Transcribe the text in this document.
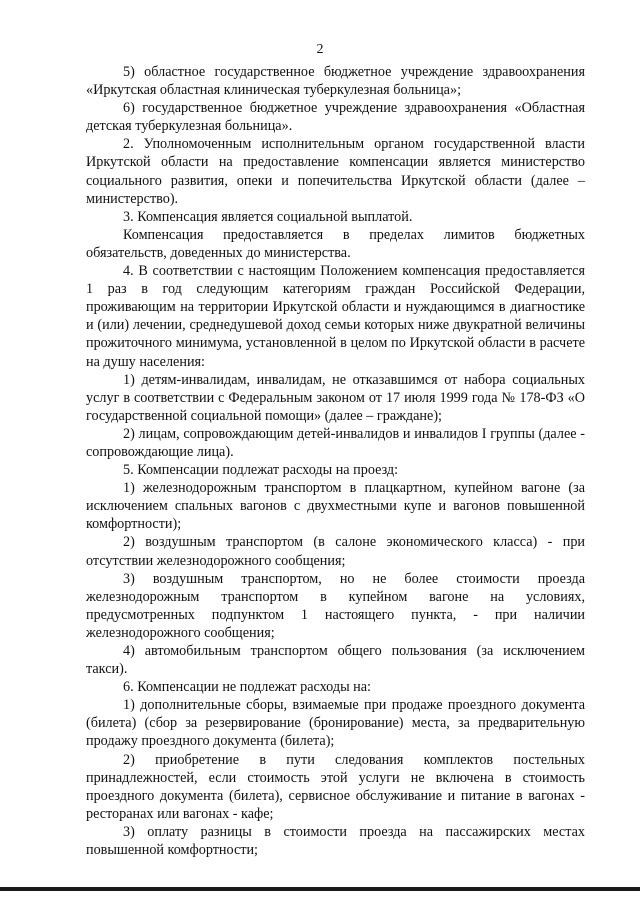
2

5) областное государственное бюджетное учреждение здравоохранения «Иркутская областная клиническая туберкулезная больница»;

6) государственное бюджетное учреждение здравоохранения «Областная детская туберкулезная больница».

2. Уполномоченным исполнительным органом государственной власти Иркутской области на предоставление компенсации является министерство социального развития, опеки и попечительства Иркутской области (далее – министерство).

3. Компенсация является социальной выплатой.

Компенсация предоставляется в пределах лимитов бюджетных обязательств, доведенных до министерства.

4. В соответствии с настоящим Положением компенсация предоставляется 1 раз в год следующим категориям граждан Российской Федерации, проживающим на территории Иркутской области и нуждающимся в диагностике и (или) лечении, среднедушевой доход семьи которых ниже двукратной величины прожиточного минимума, установленной в целом по Иркутской области в расчете на душу населения:

1) детям-инвалидам, инвалидам, не отказавшимся от набора социальных услуг в соответствии с Федеральным законом от 17 июля 1999 года № 178-ФЗ «О государственной социальной помощи» (далее – граждане);

2) лицам, сопровождающим детей-инвалидов и инвалидов I группы (далее - сопровождающие лица).

5. Компенсации подлежат расходы на проезд:

1) железнодорожным транспортом в плацкартном, купейном вагоне (за исключением спальных вагонов с двухместными купе и вагонов повышенной комфортности);

2) воздушным транспортом (в салоне экономического класса) - при отсутствии железнодорожного сообщения;

3) воздушным транспортом, но не более стоимости проезда железнодорожным транспортом в купейном вагоне на условиях, предусмотренных подпунктом 1 настоящего пункта, - при наличии железнодорожного сообщения;

4) автомобильным транспортом общего пользования (за исключением такси).

6. Компенсации не подлежат расходы на:

1) дополнительные сборы, взимаемые при продаже проездного документа (билета) (сбор за резервирование (бронирование) места, за предварительную продажу проездного документа (билета);

2) приобретение в пути следования комплектов постельных принадлежностей, если стоимость этой услуги не включена в стоимость проездного документа (билета), сервисное обслуживание и питание в вагонах - ресторанах или вагонах - кафе;

3) оплату разницы в стоимости проезда на пассажирских местах повышенной комфортности;
